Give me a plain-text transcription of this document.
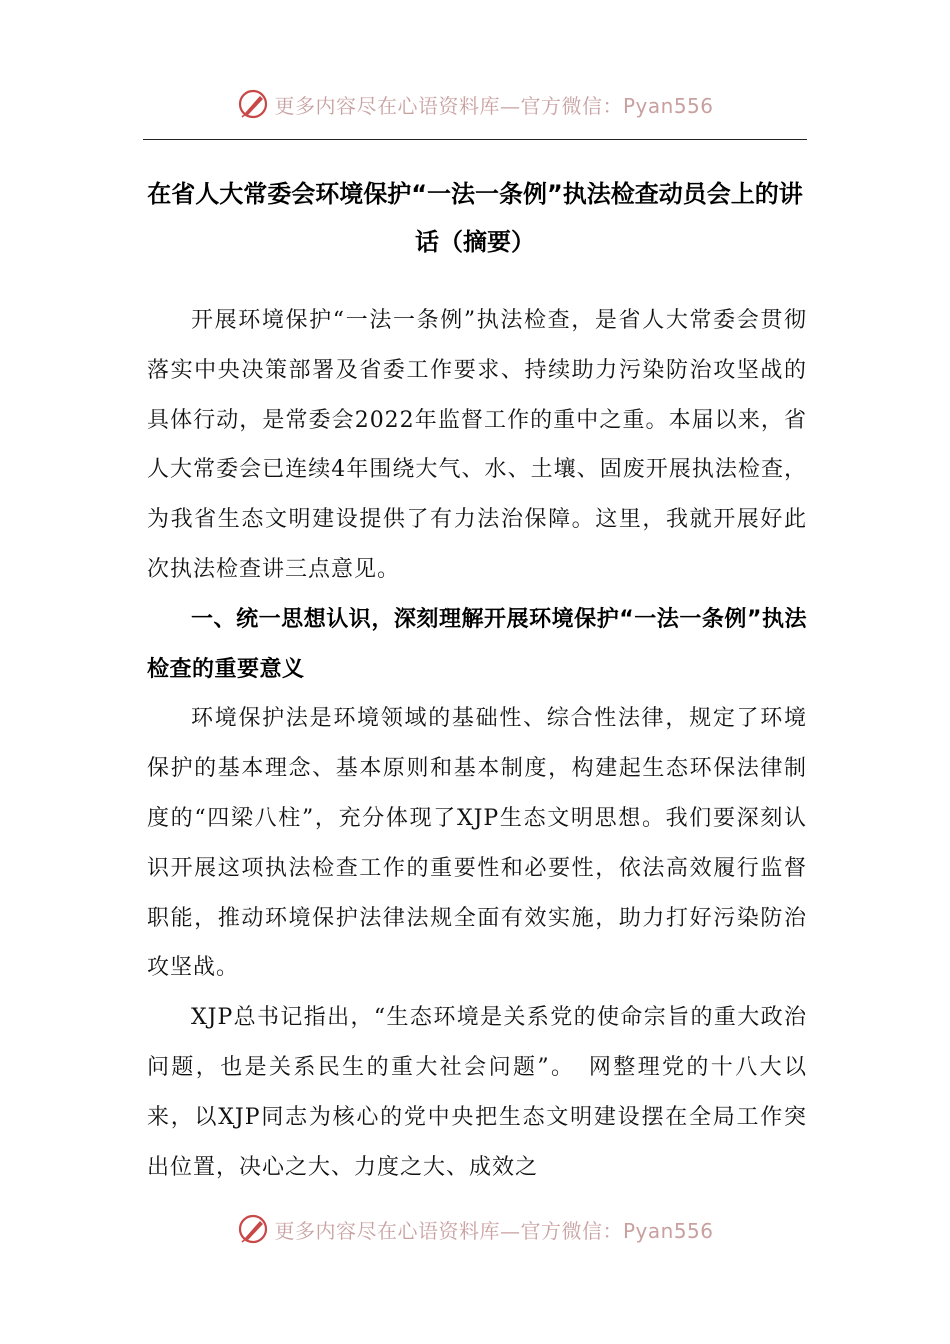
更多内容尽在心语资料库—官方微信：Pyan556
在省人大常委会环境保护“一法一条例”执法检查动员会上的讲话（摘要）

开展环境保护“一法一条例”执法检查，是省人大常委会贯彻落实中央决策部署及省委工作要求、持续助力污染防治攻坚战的具体行动，是常委会2022年监督工作的重中之重。本届以来，省人大常委会已连续4年围绕大气、水、土壤、固废开展执法检查，为我省生态文明建设提供了有力法治保障。这里，我就开展好此次执法检查讲三点意见。

一、统一思想认识，深刻理解开展环境保护“一法一条例”执法检查的重要意义

环境保护法是环境领域的基础性、综合性法律，规定了环境保护的基本理念、基本原则和基本制度，构建起生态环保法律制度的“四梁八柱”，充分体现了XJP生态文明思想。我们要深刻认识开展这项执法检查工作的重要性和必要性，依法高效履行监督职能，推动环境保护法律法规全面有效实施，助力打好污染防治攻坚战。

XJP总书记指出，“生态环境是关系党的使命宗旨的重大政治问题，也是关系民生的重大社会问题”。　网整理党的十八大以来，以XJP同志为核心的党中央把生态文明建设摆在全局工作突出位置，决心之大、力度之大、成效之

更多内容尽在心语资料库—官方微信：Pyan556
